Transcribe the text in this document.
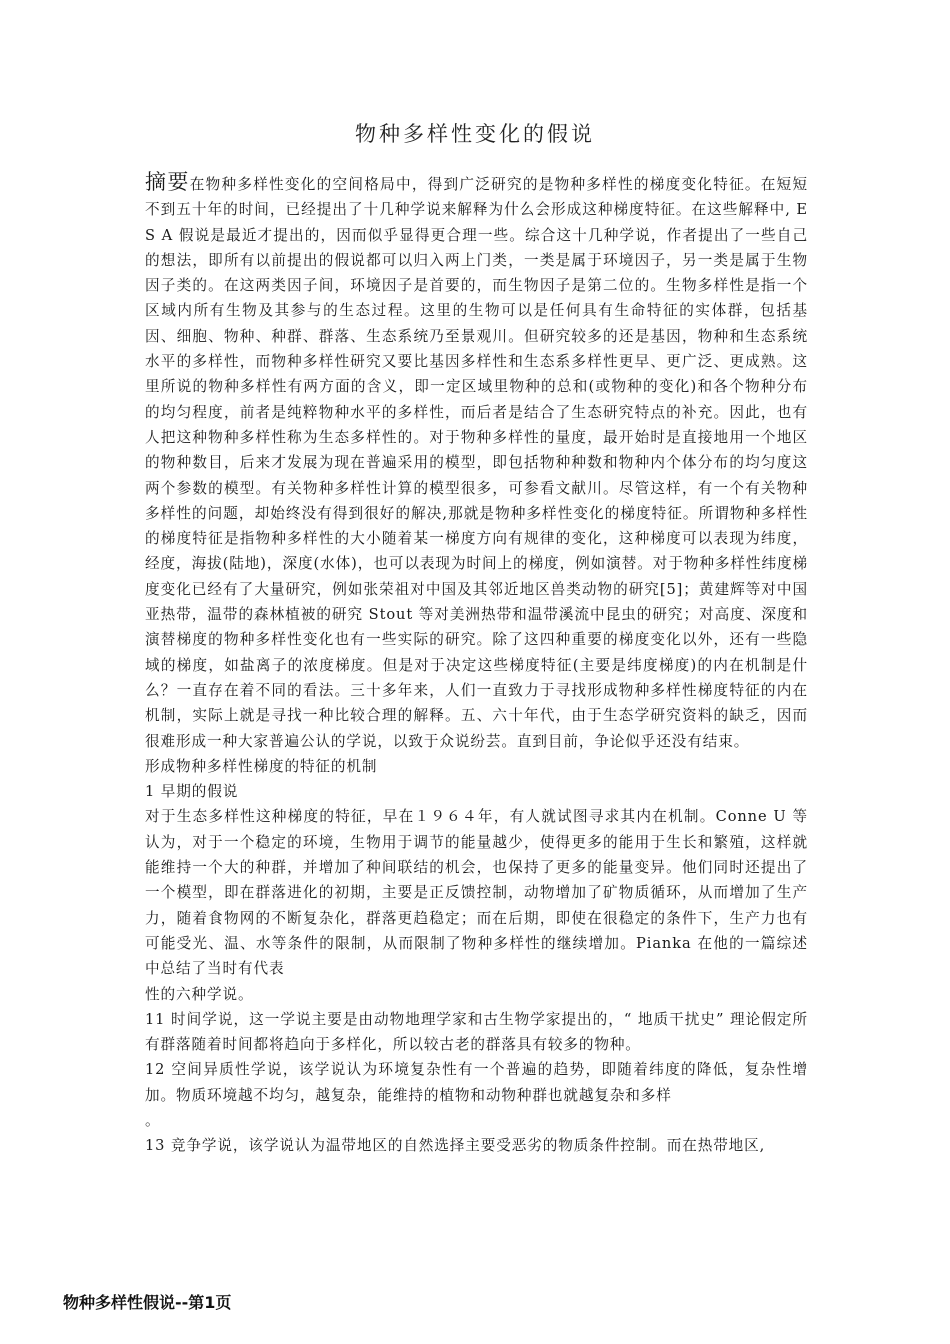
物种多样性变化的假说

摘要在物种多样性变化的空间格局中，得到广泛研究的是物种多样性的梯度变化特征。在短短不到五十年的时间，已经提出了十几种学说来解释为什么会形成这种梯度特征。在这些解释中, E S A 假说是最近才提出的，因而似乎显得更合理一些。综合这十几种学说，作者提出了一些自己的想法，即所有以前提出的假说都可以归入两上门类，一类是属于环境因子，另一类是属于生物因子类的。在这两类因子间，环境因子是首要的，而生物因子是第二位的。生物多样性是指一个区域内所有生物及其参与的生态过程。这里的生物可以是任何具有生命特征的实体群，包括基因、细胞、物种、种群、群落、生态系统乃至景观川。但研究较多的还是基因，物种和生态系统水平的多样性，而物种多样性研究又要比基因多样性和生态系多样性更早、更广泛、更成熟。这里所说的物种多样性有两方面的含义，即一定区域里物种的总和(或物种的变化)和各个物种分布的均匀程度，前者是纯粹物种水平的多样性，而后者是结合了生态研究特点的补充。因此，也有人把这种物种多样性称为生态多样性的。对于物种多样性的量度，最开始时是直接地用一个地区的物种数目，后来才发展为现在普遍采用的模型，即包括物种种数和物种内个体分布的均匀度这两个参数的模型。有关物种多样性计算的模型很多，可参看文献川。尽管这样，有一个有关物种多样性的问题，却始终没有得到很好的解决,那就是物种多样性变化的梯度特征。所谓物种多样性的梯度特征是指物种多样性的大小随着某一梯度方向有规律的变化，这种梯度可以表现为纬度，经度，海拔(陆地)，深度(水体)，也可以表现为时间上的梯度，例如演替。对于物种多样性纬度梯度变化已经有了大量研究，例如张荣祖对中国及其邻近地区兽类动物的研究[5]；黄建辉等对中国亚热带，温带的森林植被的研究 Stout 等对美洲热带和温带溪流中昆虫的研究；对高度、深度和演替梯度的物种多样性变化也有一些实际的研究。除了这四种重要的梯度变化以外，还有一些隐域的梯度，如盐离子的浓度梯度。但是对于决定这些梯度特征(主要是纬度梯度)的内在机制是什么？一直存在着不同的看法。三十多年来，人们一直致力于寻找形成物种多样性梯度特征的内在机制，实际上就是寻找一种比较合理的解释。五、六十年代，由于生态学研究资料的缺乏，因而很难形成一种大家普遍公认的学说，以致于众说纷芸。直到目前，争论似乎还没有结束。

形成物种多样性梯度的特征的机制

1 早期的假说

对于生态多样性这种梯度的特征，早在１９６４年，有人就试图寻求其内在机制。Conne U 等认为，对于一个稳定的环境，生物用于调节的能量越少，使得更多的能用于生长和繁殖，这样就能维持一个大的种群，并增加了种间联结的机会，也保持了更多的能量变异。他们同时还提出了一个模型，即在群落进化的初期，主要是正反馈控制，动物增加了矿物质循环，从而增加了生产力，随着食物网的不断复杂化，群落更趋稳定；而在后期，即使在很稳定的条件下，生产力也有可能受光、温、水等条件的限制，从而限制了物种多样性的继续增加。Pianka 在他的一篇综述中总结了当时有代表

性的六种学说。

11 时间学说，这一学说主要是由动物地理学家和古生物学家提出的，“ 地质干扰史” 理论假定所有群落随着时间都将趋向于多样化，所以较古老的群落具有较多的物种。

12 空间异质性学说，该学说认为环境复杂性有一个普遍的趋势，即随着纬度的降低，复杂性增加。物质环境越不均匀，越复杂，能维持的植物和动物种群也就越复杂和多样

。

13 竞争学说，该学说认为温带地区的自然选择主要受恶劣的物质条件控制。而在热带地区,

物种多样性假说--第1页
